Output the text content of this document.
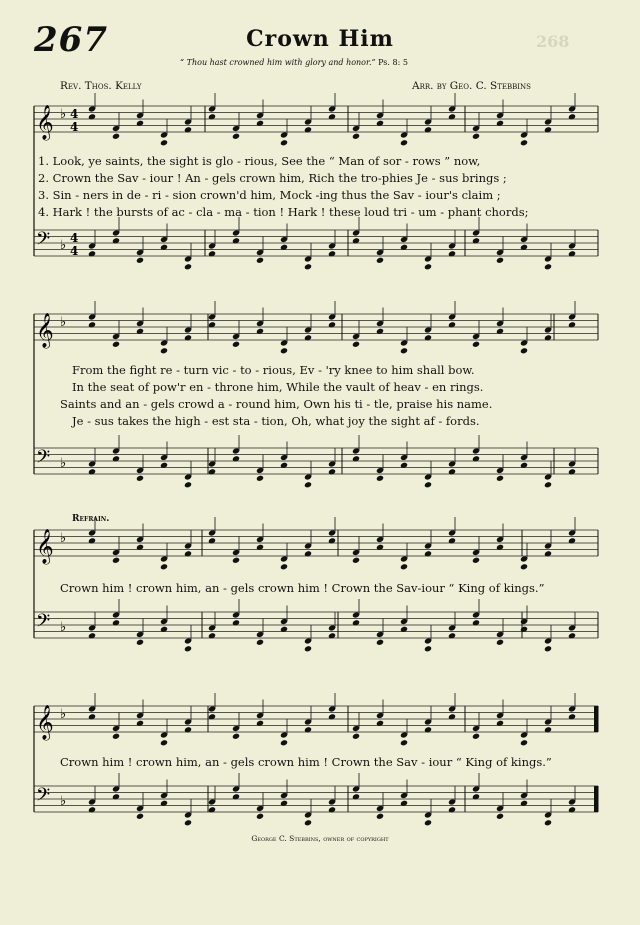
268
267	Crown Him
“ Thou hast crowned him with glory and honor.” Ps. 8: 5
Rev. Thos. Kelly	Arr. by Geo. C. Stebbins
𝄞 ♭ 4
4
𝄢 ♭ 4
4
𝄞 ♭
𝄢 ♭
𝄞 ♭
𝄢 ♭
𝄞 ♭
𝄢 ♭
1. Look, ye saints, the sight is glo - rious, See the “ Man of sor - rows ” now,
2. Crown the Sav - iour ! An - gels crown him, Rich the tro-phies Je - sus brings ;
3. Sin - ners in de - ri - sion crown'd him, Mock -ing thus the Sav - iour's claim ;
4. Hark ! the bursts of ac - cla - ma - tion ! Hark ! these loud tri - um - phant chords;
From the fight re - turn vic - to - rious, Ev - 'ry knee to him shall bow.
In the seat of pow'r en - throne him, While the vault of heav - en rings.
Saints and an - gels crowd a - round him, Own his ti - tle, praise his name.
Je - sus takes the high - est sta - tion, Oh, what joy the sight af - fords.
Refrain.
Crown him ! crown him, an - gels crown him ! Crown the Sav-iour “ King of kings.”
Crown him ! crown him, an - gels crown him ! Crown the Sav - iour “ King of kings.”
George C. Stebbins, owner of copyright
